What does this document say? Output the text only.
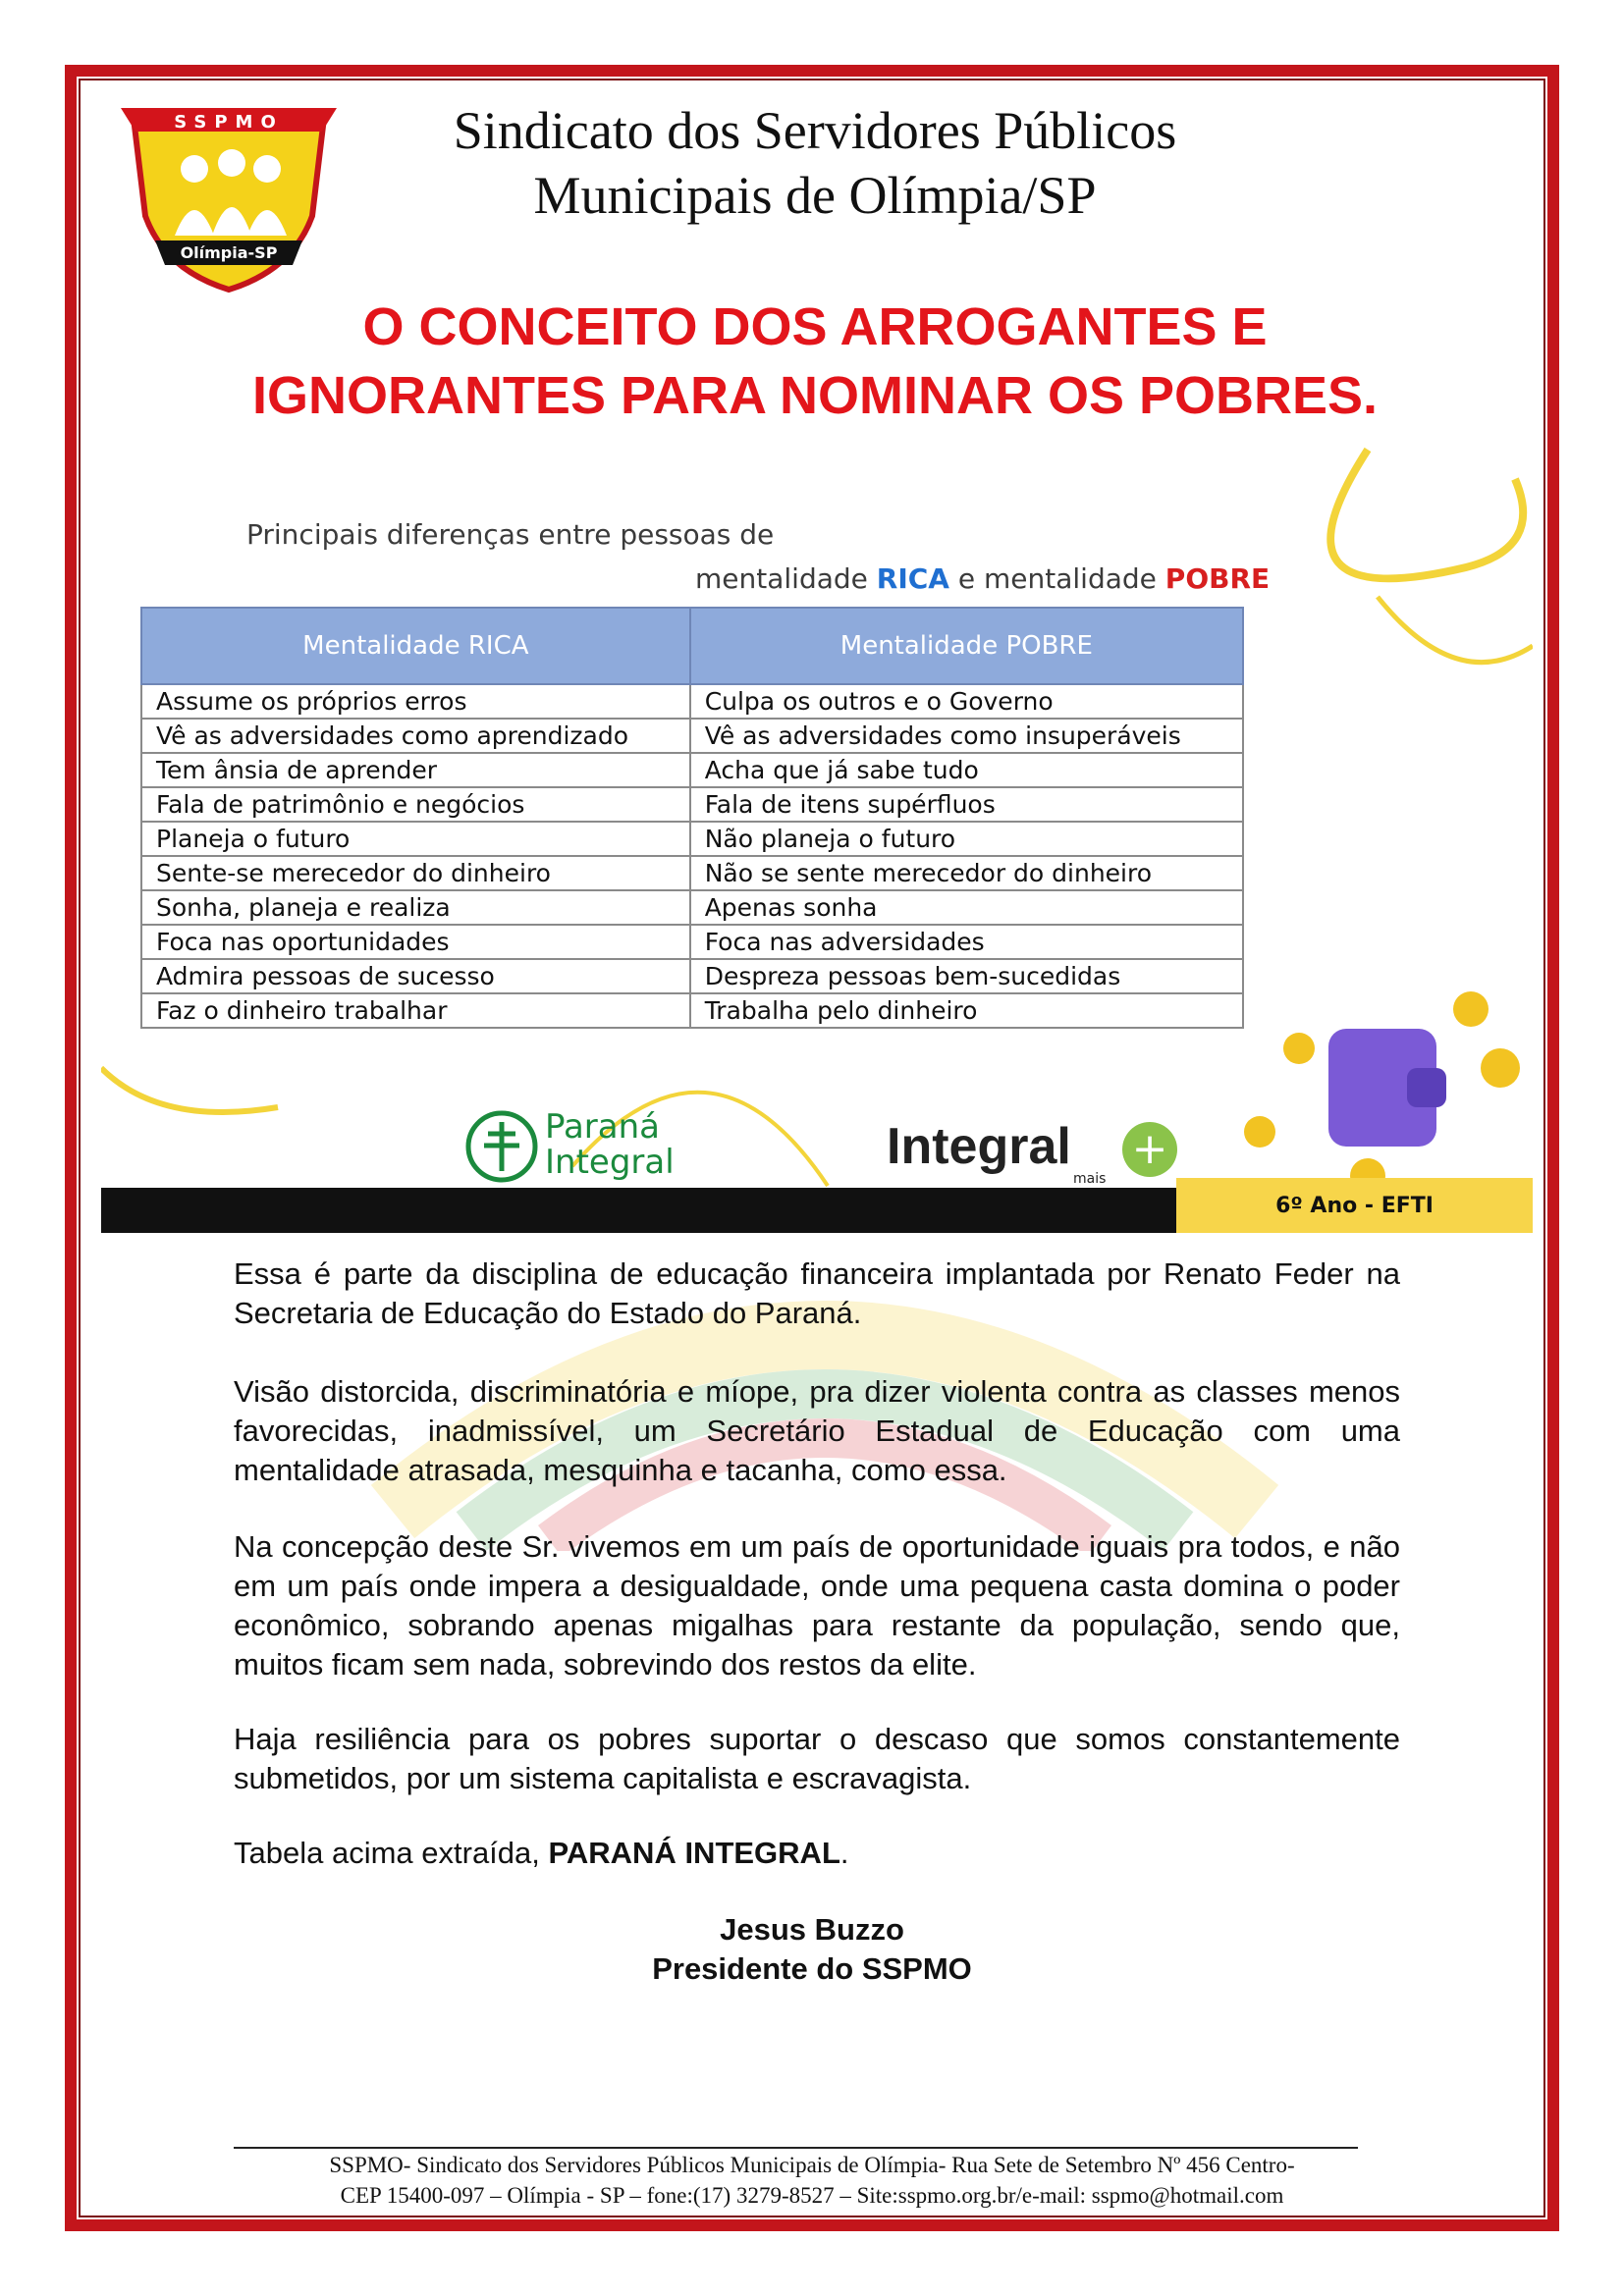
SSPMO
Olímpia-SP
Sindicato dos Servidores Públicos
Municipais de Olímpia/SP
O CONCEITO DOS ARROGANTES E
IGNORANTES PARA NOMINAR OS POBRES.
Principais diferenças entre pessoas de
mentalidade RICA e mentalidade POBRE
Mentalidade RICA	Mentalidade POBRE
Assume os próprios erros	Culpa os outros e o Governo
Vê as adversidades como aprendizado	Vê as adversidades como insuperáveis
Tem ânsia de aprender	Acha que já sabe tudo
Fala de patrimônio e negócios	Fala de itens supérfluos
Planeja o futuro	Não planeja o futuro
Sente-se merecedor do dinheiro	Não se sente merecedor do dinheiro
Sonha, planeja e realiza	Apenas sonha
Foca nas oportunidades	Foca nas adversidades
Admira pessoas de sucesso	Despreza pessoas bem-sucedidas
Faz o dinheiro trabalhar	Trabalha pelo dinheiro
Paraná
Integral	Integral +
mais
6º Ano - EFTI

Essa é parte da disciplina de educação financeira implantada por Renato Feder na Secretaria de Educação do Estado do Paraná.

Visão distorcida, discriminatória e míope, pra dizer violenta contra as classes menos favorecidas, inadmissível, um Secretário Estadual de Educação com uma mentalidade atrasada, mesquinha e tacanha, como essa.

Na concepção deste Sr. vivemos em um país de oportunidade iguais pra todos, e não em um país onde impera a desigualdade, onde uma pequena casta domina o poder econômico, sobrando apenas migalhas para restante da população, sendo que, muitos ficam sem nada, sobrevindo dos restos da elite.

Haja resiliência para os pobres suportar o descaso que somos constantemente submetidos, por um sistema capitalista e escravagista.

Tabela acima extraída, PARANÁ INTEGRAL.

Jesus Buzzo
Presidente do SSPMO
SSPMO- Sindicato dos Servidores Públicos Municipais de Olímpia- Rua Sete de Setembro Nº 456 Centro-
CEP 15400-097 – Olímpia - SP – fone:(17) 3279-8527 – Site:sspmo.org.br/e-mail: sspmo@hotmail.com
